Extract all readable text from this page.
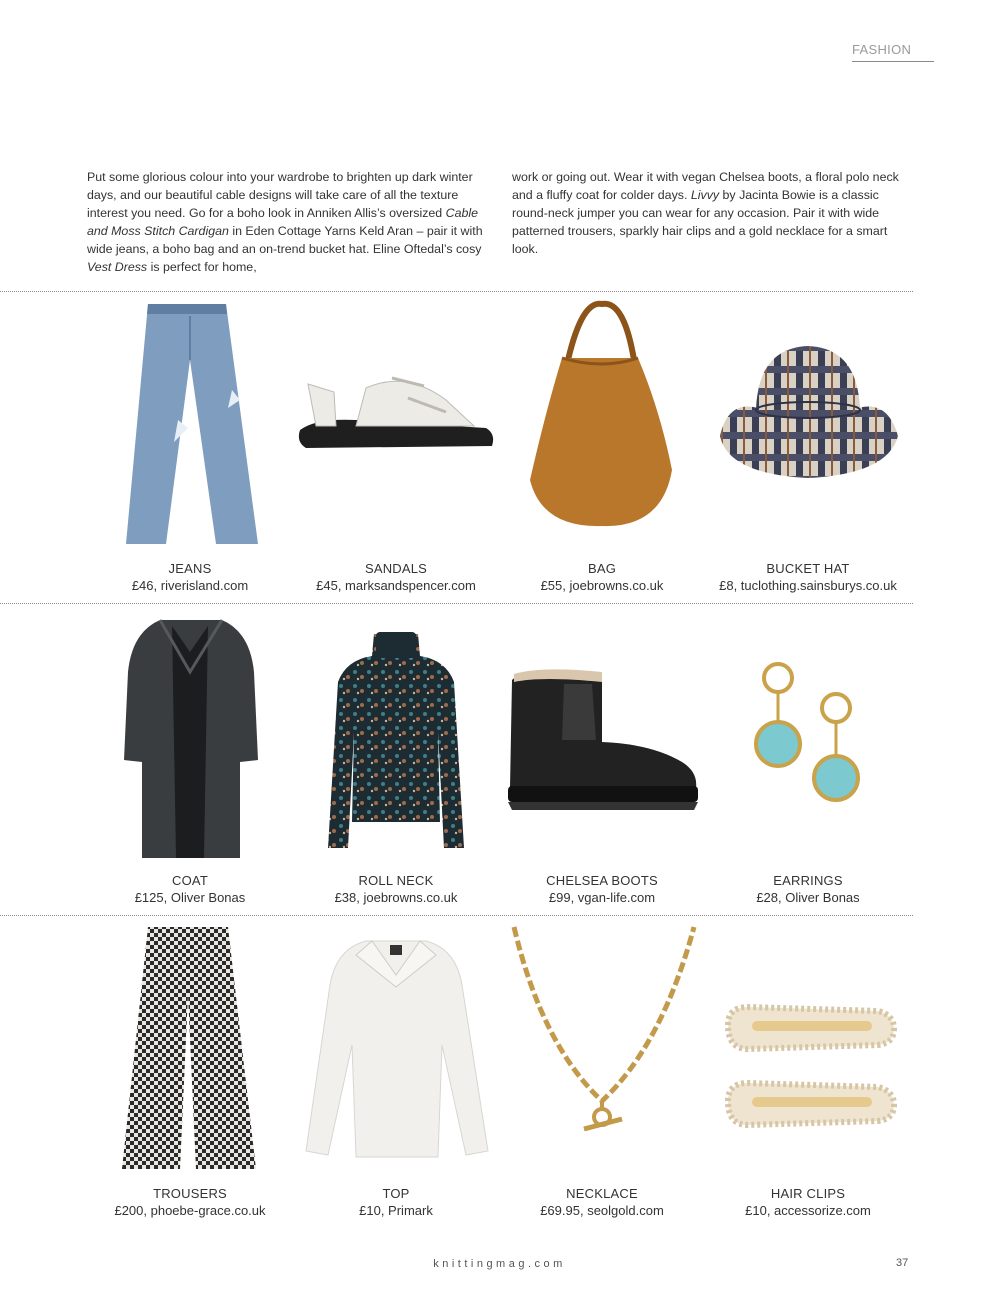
FASHION

Put some glorious colour into your wardrobe to brighten up dark winter days, and our beautiful cable designs will take care of all the texture interest you need. Go for a boho look in Anniken Allis’s oversized Cable and Moss Stitch Cardigan in Eden Cottage Yarns Keld Aran – pair it with wide jeans, a boho bag and an on-trend bucket hat. Eline Oftedal’s cosy Vest Dress is perfect for home,

work or going out. Wear it with vegan Chelsea boots, a floral polo neck and a fluffy coat for colder days. Livvy by Jacinta Bowie is a classic round-neck jumper you can wear for any occasion. Pair it with wide patterned trousers, sparkly hair clips and a gold necklace for a smart look.

JEANS
£46, riverisland.com
SANDALS
£45, marksandspencer.com
BAG
£55, joebrowns.co.uk
BUCKET HAT
£8, tuclothing.sainsburys.co.uk
COAT
£125, Oliver Bonas
ROLL NECK
£38, joebrowns.co.uk
CHELSEA BOOTS
£99, vgan-life.com
EARRINGS
£28, Oliver Bonas
TROUSERS
£200, phoebe-grace.co.uk
TOP
£10, Primark
NECKLACE
£69.95, seolgold.com
HAIR CLIPS
£10, accessorize.com
knittingmag.com	37
